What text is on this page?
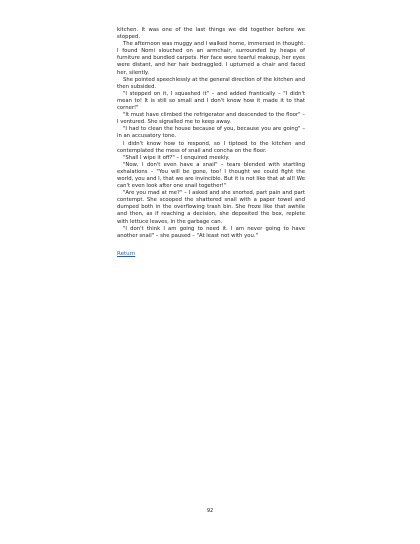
kitchen. It was one of the last things we did together before we stopped.

The afternoon was muggy and I walked home, immersed in thought. I found Nomi slouched on an armchair, surrounded by heaps of furniture and bundled carpets. Her face wore tearful makeup, her eyes were distant, and her hair bedraggled. I upturned a chair and faced her, silently.

She pointed speechlessly at the general direction of the kitchen and then subsided.

"I stepped on it, I squashed it" – and added frantically – "I didn't mean to! It is still so small and I don't know how it made it to that corner!"

"It must have climbed the refrigerator and descended to the floor" – I ventured. She signalled me to keep away.

"I had to clean the house because of you, because you are going" – in an accusatory tone.

I didn't know how to respond, so I tiptoed to the kitchen and contemplated the mess of snail and concha on the floor.

"Shall I wipe it off?" – I enquired meekly.

"Now, I don't even have a snail" – tears blended with startling exhalations – "You will be gone, too! I thought we could fight the world, you and I, that we are invincible. But it is not like that at all! We can't even look after one snail together!"

"Are you mad at me?" – I asked and she snorted, part pain and part contempt. She scooped the shattered snail with a paper towel and dumped both in the overflowing trash bin. She froze like that awhile and then, as if reaching a decision, she deposited the box, replete with lettuce leaves, in the garbage can.

"I don't think I am going to need it. I am never going to have another snail" – she paused – "At least not with you."

Return
92
